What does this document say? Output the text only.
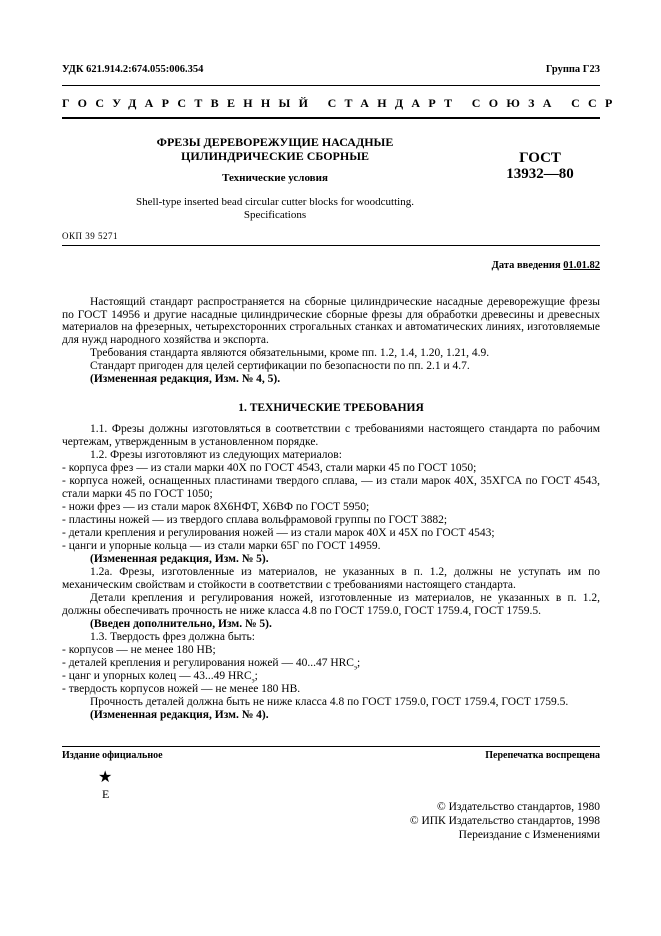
УДК 621.914.2:674.055:006.354	Группа Г23
ГОСУДАРСТВЕННЫЙ СТАНДАРТ СОЮЗА ССР
ФРЕЗЫ ДЕРЕВОРЕЖУЩИЕ НАСАДНЫЕ
ЦИЛИНДРИЧЕСКИЕ СБОРНЫЕ
Технические условия
Shell-type inserted bead circular cutter blocks for woodcutting.
Specifications
ГОСТ
13932—80
ОКП 39 5271
Дата введения 01.01.82

Настоящий стандарт распространяется на сборные цилиндрические насадные дереворежущие фрезы по ГОСТ 14956 и другие насадные цилиндрические сборные фрезы для обработки древесины и древесных материалов на фрезерных, четырехсторонних строгальных станках и автоматических линиях, изготовляемые для нужд народного хозяйства и экспорта.

Требования стандарта являются обязательными, кроме пп. 1.2, 1.4, 1.20, 1.21, 4.9.

Стандарт пригоден для целей сертификации по безопасности по пп. 2.1 и 4.7.

(Измененная редакция, Изм. № 4, 5).

1. ТЕХНИЧЕСКИЕ ТРЕБОВАНИЯ

1.1. Фрезы должны изготовляться в соответствии с требованиями настоящего стандарта по рабочим чертежам, утвержденным в установленном порядке.

1.2. Фрезы изготовляют из следующих материалов:

- корпуса фрез — из стали марки 40Х по ГОСТ 4543, стали марки 45 по ГОСТ 1050;

- корпуса ножей, оснащенных пластинами твердого сплава, — из стали марок 40Х, 35ХГСА по ГОСТ 4543, стали марки 45 по ГОСТ 1050;

- ножи фрез — из стали марок 8Х6НФТ, Х6ВФ по ГОСТ 5950;

- пластины ножей — из твердого сплава вольфрамовой группы по ГОСТ 3882;

- детали крепления и регулирования ножей — из стали марок 40Х и 45Х по ГОСТ 4543;

- цанги и упорные кольца — из стали марки 65Г по ГОСТ 14959.

(Измененная редакция, Изм. № 5).

1.2а. Фрезы, изготовленные из материалов, не указанных в п. 1.2, должны не уступать им по механическим свойствам и стойкости в соответствии с требованиями настоящего стандарта.

Детали крепления и регулирования ножей, изготовленные из материалов, не указанных в п. 1.2, должны обеспечивать прочность не ниже класса 4.8 по ГОСТ 1759.0, ГОСТ 1759.4, ГОСТ 1759.5.

(Введен дополнительно, Изм. № 5).

1.3. Твердость фрез должна быть:

- корпусов — не менее 180 НВ;

- деталей крепления и регулирования ножей — 40...47 $HRC_э$;

- цанг и упорных колец — 43...49 $HRC_э$;

- твердость корпусов ножей — не менее 180 НВ.

Прочность деталей должна быть не ниже класса 4.8 по ГОСТ 1759.0, ГОСТ 1759.4, ГОСТ 1759.5.

(Измененная редакция, Изм. № 4).

Издание официальное	Перепечатка воспрещена
★
Е
© Издательство стандартов, 1980
© ИПК Издательство стандартов, 1998
Переиздание с Изменениями
